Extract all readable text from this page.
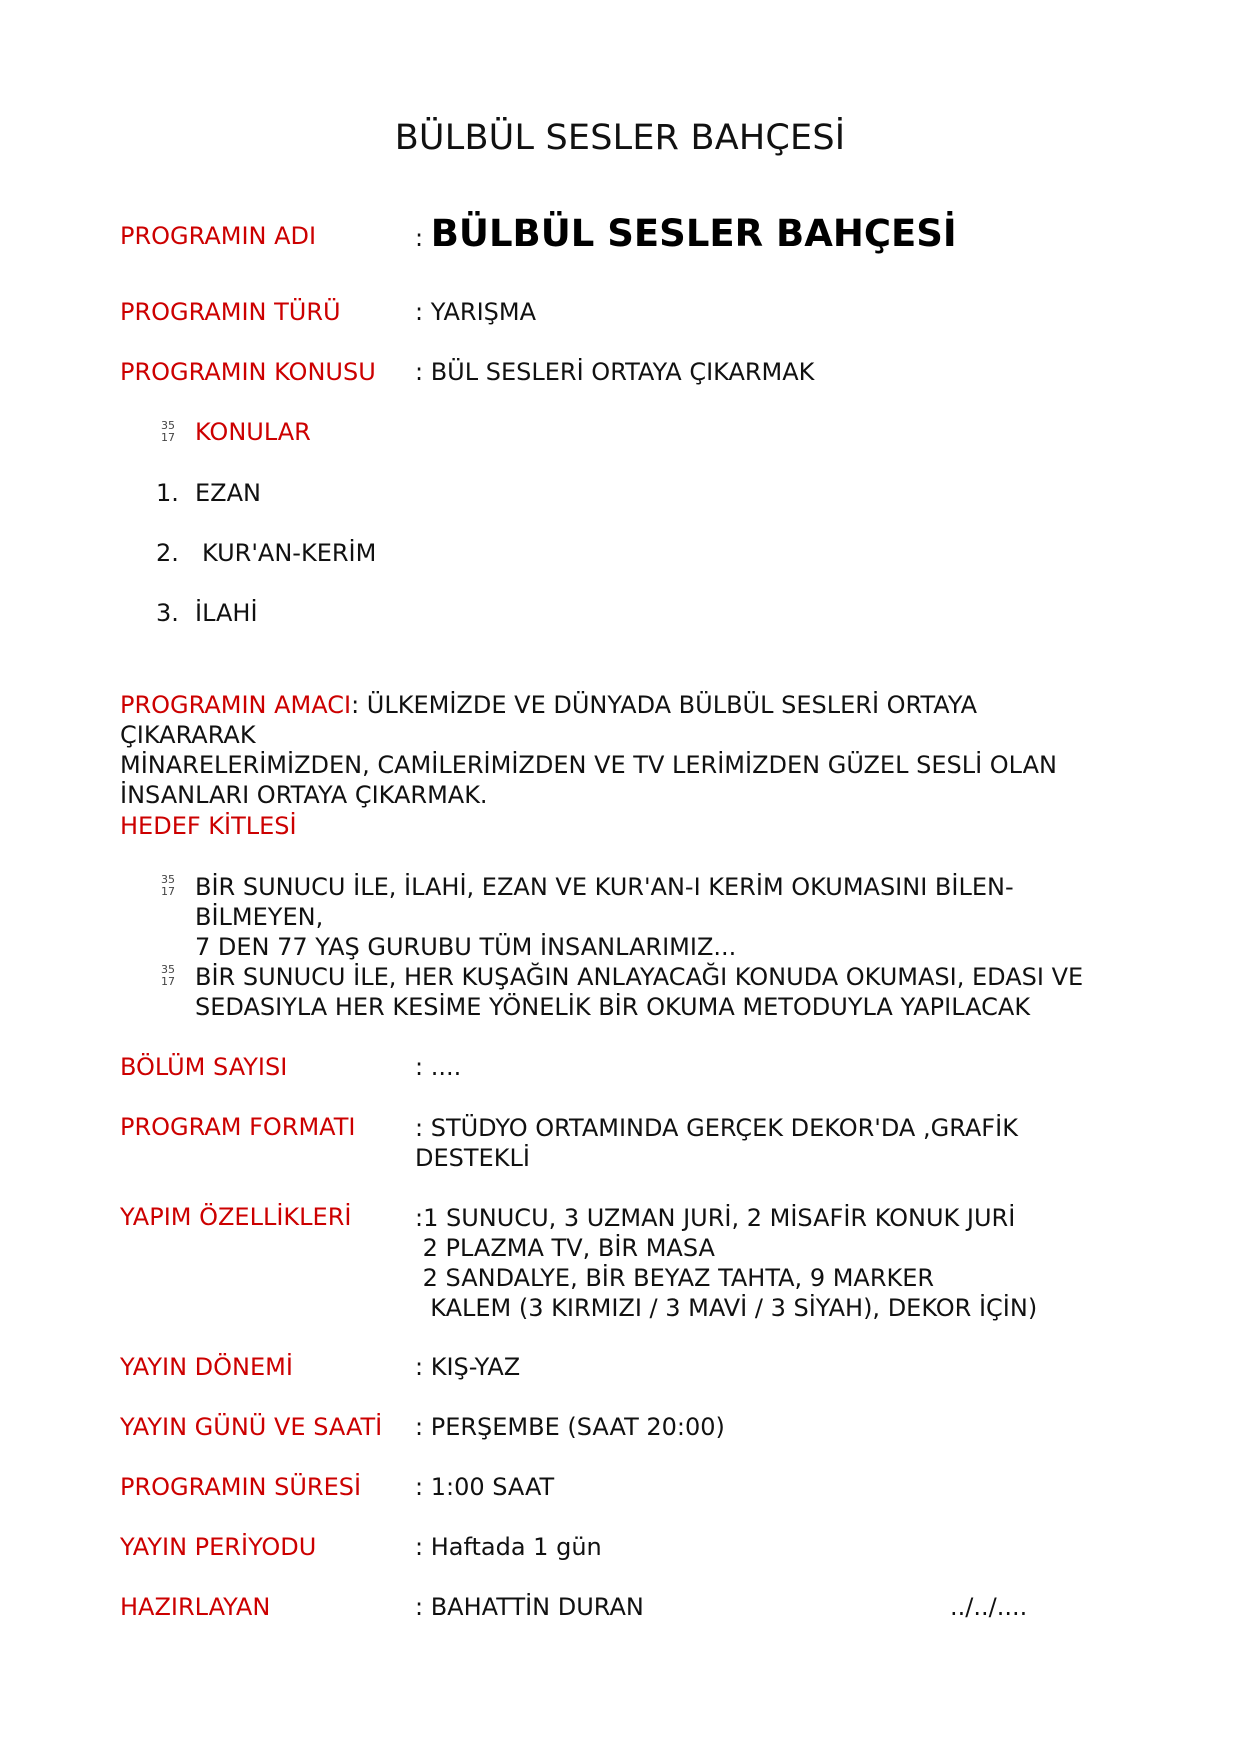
BÜLBÜL SESLER BAHÇESİ
PROGRAMIN ADI	: BÜLBÜL SESLER BAHÇESİ
PROGRAMIN TÜRÜ	: YARIŞMA
PROGRAMIN KONUSU : BÜL SESLERİ ORTAYA ÇIKARMAK
35
17 KONULAR
1. EZAN
2. KUR'AN-KERİM
3. İLAHİ
PROGRAMIN AMACI: ÜLKEMİZDE VE DÜNYADA BÜLBÜL SESLERİ ORTAYA ÇIKARARAK
MİNARELERİMİZDEN, CAMİLERİMİZDEN VE TV LERİMİZDEN GÜZEL SESLİ OLAN
İNSANLARI ORTAYA ÇIKARMAK.
HEDEF KİTLESİ
35
17 BİR SUNUCU İLE, İLAHİ, EZAN VE KUR'AN-I KERİM OKUMASINI BİLEN-BİLMEYEN,
7 DEN 77 YAŞ GURUBU TÜM İNSANLARIMIZ...
35
17 BİR SUNUCU İLE, HER KUŞAĞIN ANLAYACAĞI KONUDA OKUMASI, EDASI VE
SEDASIYLA HER KESİME YÖNELİK BİR OKUMA METODUYLA YAPILACAK
BÖLÜM SAYISI	: ....
PROGRAM FORMATI : STÜDYO ORTAMINDA GERÇEK DEKOR'DA ,GRAFİK
DESTEKLİ
YAPIM ÖZELLİKLERİ	:1 SUNUCU, 3 UZMAN JURİ, 2 MİSAFİR KONUK JURİ
2 PLAZMA TV, BİR MASA
2 SANDALYE, BİR BEYAZ TAHTA, 9 MARKER
KALEM (3 KIRMIZI / 3 MAVİ / 3 SİYAH), DEKOR İÇİN)
YAYIN DÖNEMİ	: KIŞ-YAZ
YAYIN GÜNÜ VE SAATİ : PERŞEMBE (SAAT 20:00)
PROGRAMIN SÜRESİ : 1:00 SAAT
YAYIN PERİYODU	: Haftada 1 gün
HAZIRLAYAN	: BAHATTİN DURAN	../../....
